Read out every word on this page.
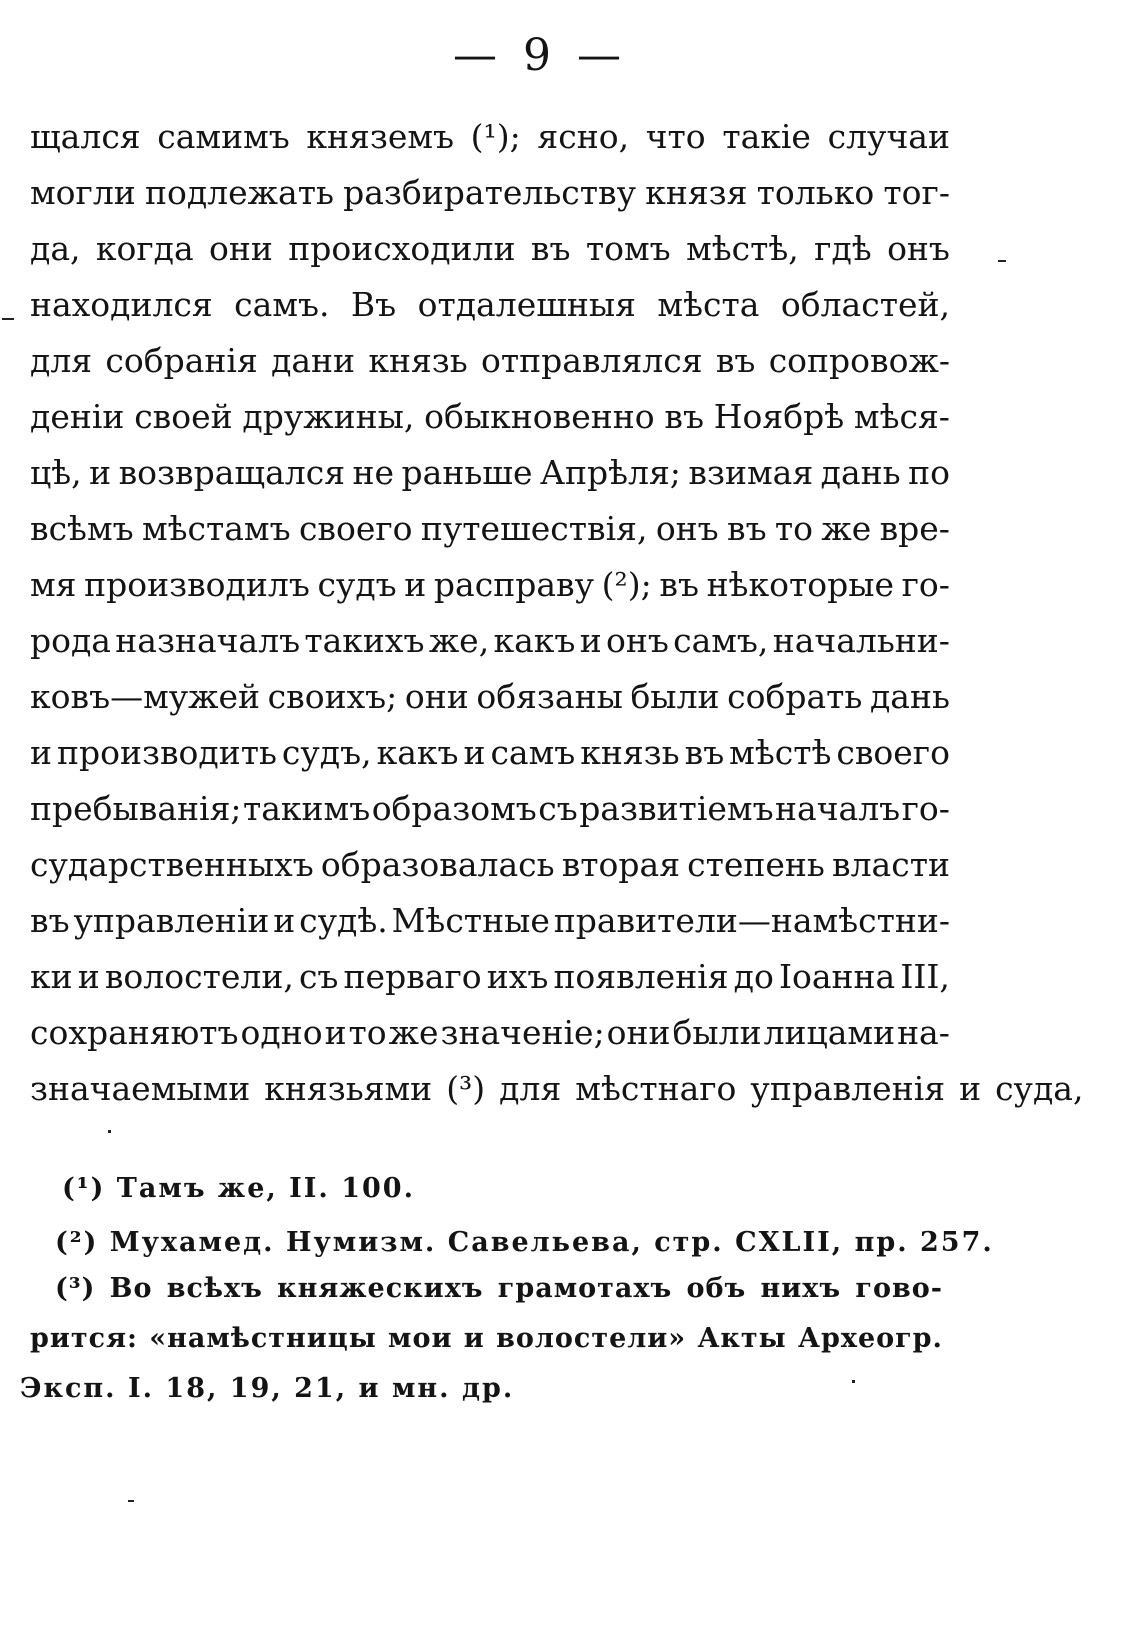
— 9 —
щался самимъ княземъ (¹); ясно, что такіе случаи
могли подлежать разбирательству князя только тог-
да, когда они происходили въ томъ мѣстѣ, гдѣ онъ
находился самъ. Въ отдалешныя мѣста областей,
для собранія дани князь отправлялся въ сопровож-
деніи своей дружины, обыкновенно въ Ноябрѣ мѣся-
цѣ, и возвращался не раньше Апрѣля; взимая дань по
всѣмъ мѣстамъ своего путешествія, онъ въ то же вре-
мя производилъ судъ и расправу (²); въ нѣкоторые го-
рода назначалъ такихъ же, какъ и онъ самъ, начальни-
ковъ—мужей своихъ; они обязаны были собрать дань
и производить судъ, какъ и самъ князь въ мѣстѣ своего
пребыванія; такимъ образомъ съ развитіемъ началъ го-
сударственныхъ образовалась вторая степень власти
въ управленіи и судѣ. Мѣстные правители—намѣстни-
ки и волостели, съ перваго ихъ появленія до Іоанна III,
сохраняютъ одно и то же значеніе; они были лицами на-
значаемыми князьями (³) для мѣстнаго управленія и суда,
(¹) Тамъ же, II. 100.
(²) Мухамед. Нумизм. Савельева, стр. CXLII, пр. 257.
(³) Во всѣхъ княжескихъ грамотахъ объ нихъ гово-
рится: «намѣстницы мои и волостели» Акты Археогр.
Эксп. I. 18, 19, 21, и мн. др.
